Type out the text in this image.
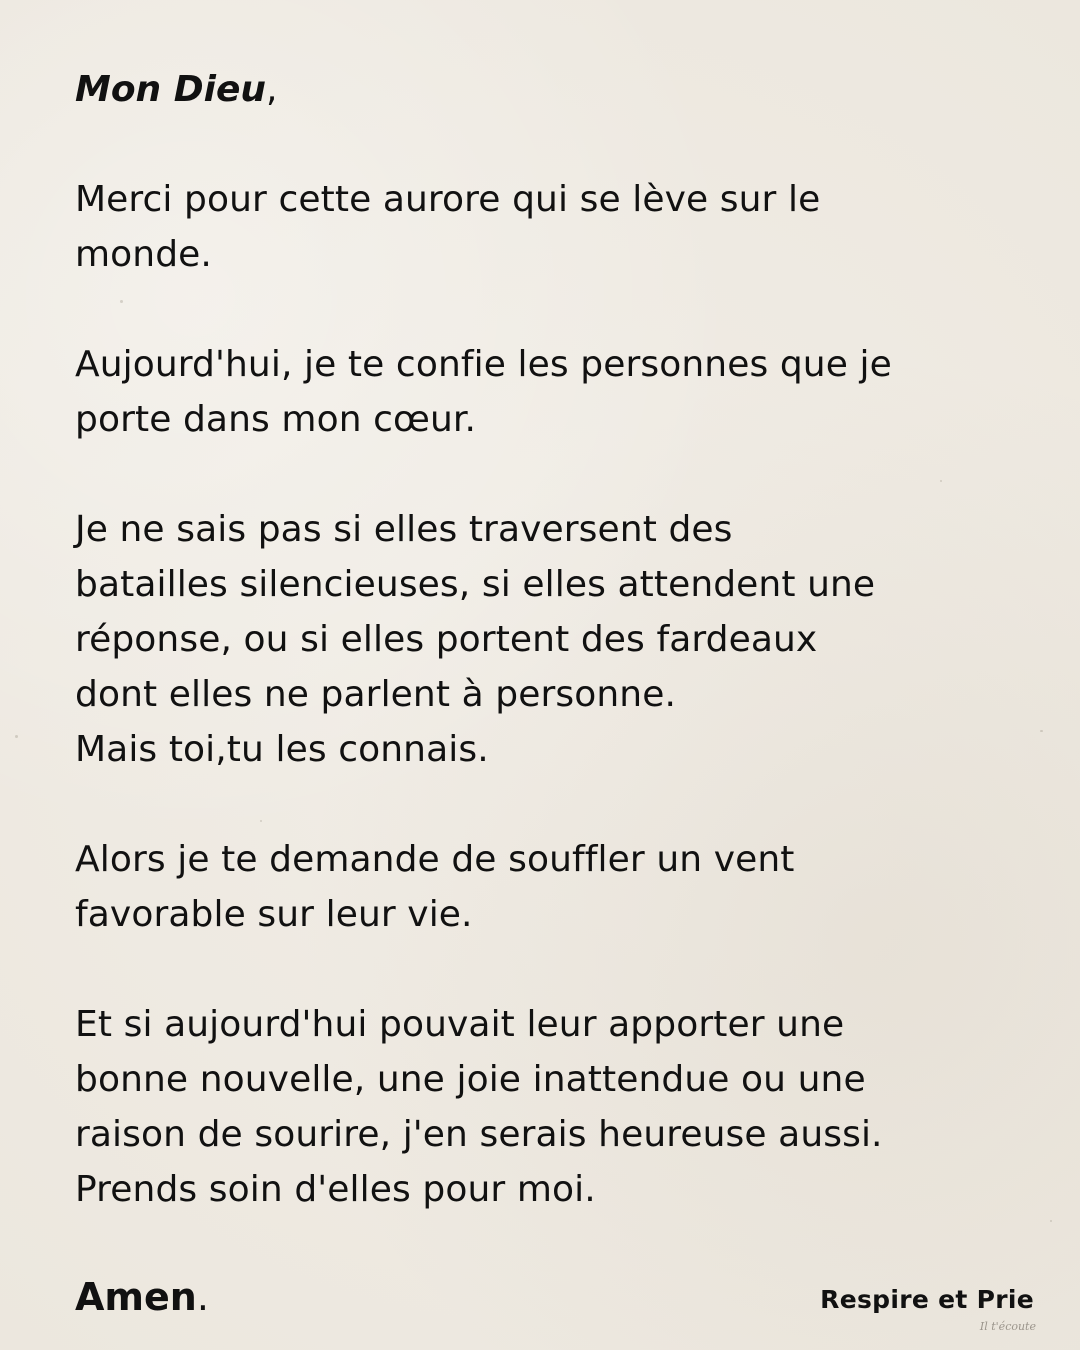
Mon Dieu,

Merci pour cette aurore qui se lève sur le
monde.

Aujourd'hui, je te confie les personnes que je
porte dans mon cœur.

Je ne sais pas si elles traversent des
batailles silencieuses, si elles attendent une
réponse, ou si elles portent des fardeaux
dont elles ne parlent à personne.
Mais toi,tu les connais.

Alors je te demande de souffler un vent
favorable sur leur vie.

Et si aujourd'hui pouvait leur apporter une
bonne nouvelle, une joie inattendue ou une
raison de sourire, j'en serais heureuse aussi.
Prends soin d'elles pour moi.

Amen.	Respire et Prie
Il t'écoute
